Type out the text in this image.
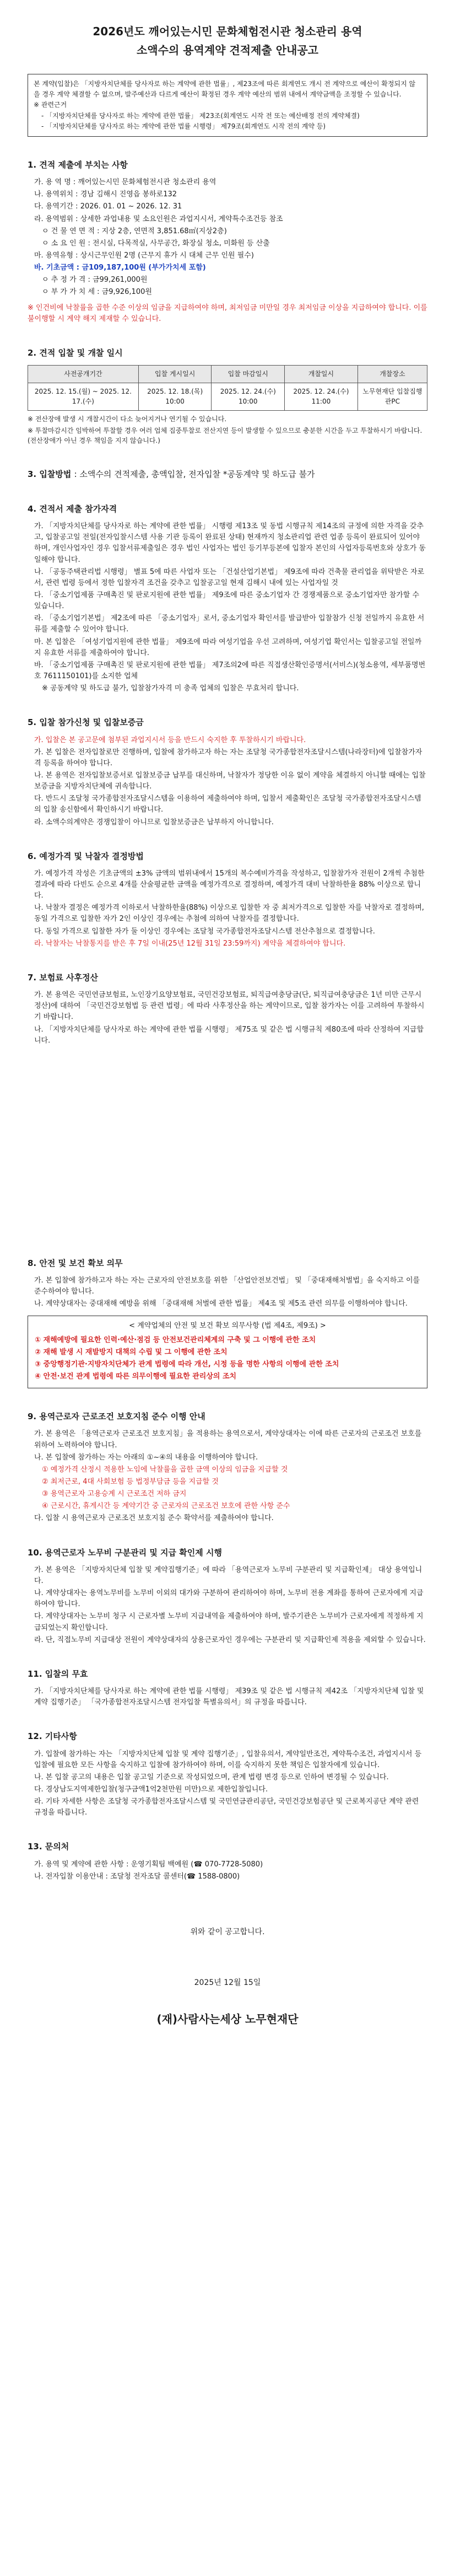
2026년도 깨어있는시민 문화체험전시관 청소관리 용역
소액수의 용역계약 견적제출 안내공고
본 계약(입찰)은 「지방자치단체를 당사자로 하는 계약에 관한 법률」, 제23조에 따른 회계연도 개시 전 계약으로 예산이 확정되지 않을 경우 계약 체결할 수 없으며, 발주예산과 다르게 예산이 확정된 경우 계약 예산의 범위 내에서 계약금액을 조정할 수 있습니다.
※ 관련근거
- 「지방자치단체를 당사자로 하는 계약에 관한 법률」 제23조(회계연도 시작 전 또는 예산배정 전의 계약체결)
- 「지방자치단체를 당사자로 하는 계약에 관한 법률 시행령」 제79조(회계연도 시작 전의 계약 등)
1. 견적 제출에 부치는 사항

가. 용 역 명 : 깨어있는시민 문화체험전시관 청소관리 용역

나. 용역위치 : 경남 김해시 진영읍 봉하로132

다. 용역기간 : 2026. 01. 01 ~ 2026. 12. 31

라. 용역범위 : 상세한 과업내용 및 소요인원은 과업지시서, 계약특수조건등 참조

ㅇ 건 물 연 면 적 : 지상 2층, 연면적 3,851.68㎡(지상2층)

ㅇ 소 요 인 원 : 전시실, 다목적실, 사무공간, 화장실 청소, 미화원 등 산출

마. 용역유형 : 상시근무인원 2명 (근무지 휴가 시 대체 근무 인원 필수)

바. 기초금액 : 금109,187,100원 (부가가치세 포함)

ㅇ 추 정 가 격 : 금99,261,000원

ㅇ 부 가 가 치 세 : 금9,926,100원

※ 인건비에 낙찰률을 곱한 수준 이상의 임금을 지급하여야 하며, 최저임금 미만일 경우 최저임금 이상을 지급하여야 합니다. 이를 불이행할 시 계약 해지 제재할 수 있습니다.

2. 견적 입찰 및 개찰 일시
사전공개기간	입찰 게시일시	입찰 마감일시	개찰일시	개찰장소
2025. 12. 15.(월) ~ 2025. 12. 17.(수)	2025. 12. 18.(목) 10:00	2025. 12. 24.(수) 10:00	2025. 12. 24.(수) 11:00	노무현재단 입찰집행관PC

※ 전산장애 발생 시 개찰시간이 다소 늦어지거나 연기될 수 있습니다.

※ 투찰마감시간 임박하여 투찰할 경우 여러 업체 집중투찰로 전산지연 등이 발생할 수 있으므로 충분한 시간을 두고 투찰하시기 바랍니다. (전산장애가 아닌 경우 책임을 지지 않습니다.)

3. 입찰방법 : 소액수의 견적제출, 총액입찰, 전자입찰 *공동계약 및 하도급 불가
4. 견적서 제출 참가자격

가. 「지방자치단체를 당사자로 하는 계약에 관한 법률」 시행령 제13조 및 동법 시행규칙 제14조의 규정에 의한 자격을 갖추고, 입찰공고일 전일(전자입찰시스템 사용 기관 등록이 완료된 상태) 현재까지 청소관리업 관련 업종 등록이 완료되어 있어야 하며, 개인사업자인 경우 입찰서류제출일은 경우 법인 사업자는 법인 등기부등본에 입찰자 본인의 사업자등록번호와 상호가 동일해야 합니다.

나. 「공동주택관리법 시행령」 별표 5에 따른 사업자 또는 「건설산업기본법」 제9조에 따라 건축물 관리업을 위탁받은 자로서, 관련 법령 등에서 정한 입찰자격 조건을 갖추고 입찰공고일 현재 김해시 내에 있는 사업자일 것

다. 「중소기업제품 구매촉진 및 판로지원에 관한 법률」 제9조에 따른 중소기업자 간 경쟁제품으로 중소기업자만 참가할 수 있습니다.

라. 「중소기업기본법」 제2조에 따른 「중소기업자」로서, 중소기업자 확인서를 발급받아 입찰참가 신청 전일까지 유효한 서류를 제출할 수 있어야 합니다.

마. 본 입찰은 「여성기업지원에 관한 법률」 제9조에 따라 여성기업을 우선 고려하며, 여성기업 확인서는 입찰공고일 전일까지 유효한 서류를 제출하여야 합니다.

바. 「중소기업제품 구매촉진 및 판로지원에 관한 법률」 제7조의2에 따른 직접생산확인증명서(서비스)(청소용역, 세부품명번호 7611150101)를 소지한 업체

※ 공동계약 및 하도급 불가, 입찰참가자격 미 충족 업체의 입찰은 무효처리 합니다.

5. 입찰 참가신청 및 입찰보증금

가. 입찰은 본 공고문에 첨부된 과업지시서 등을 반드시 숙지한 후 투찰하시기 바랍니다.

가. 본 입찰은 전자입찰로만 진행하며, 입찰에 참가하고자 하는 자는 조달청 국가종합전자조달시스템(나라장터)에 입찰참가자격 등록을 하여야 합니다.

나. 본 용역은 전자입찰보증서로 입찰보증금 납부를 대신하며, 낙찰자가 정당한 이유 없이 계약을 체결하지 아니할 때에는 입찰보증금을 지방자치단체에 귀속합니다.

다. 반드시 조달청 국가종합전자조달시스템을 이용하여 제출하여야 하며, 입찰서 제출확인은 조달청 국가종합전자조달시스템의 입찰 송신함에서 확인하시기 바랍니다.

라. 소액수의계약은 경쟁입찰이 아니므로 입찰보증금은 납부하지 아니합니다.

6. 예정가격 및 낙찰자 결정방법

가. 예정가격 작성은 기초금액의 ±3% 금액의 범위내에서 15개의 복수예비가격을 작성하고, 입찰참가자 전원이 2개씩 추첨한 결과에 따라 다빈도 순으로 4개를 산술평균한 금액을 예정가격으로 결정하며, 예정가격 대비 낙찰하한율 88% 이상으로 합니다.

나. 낙찰자 결정은 예정가격 이하로서 낙찰하한율(88%) 이상으로 입찰한 자 중 최저가격으로 입찰한 자를 낙찰자로 결정하며, 동일 가격으로 입찰한 자가 2인 이상인 경우에는 추첨에 의하여 낙찰자를 결정합니다.

다. 동일 가격으로 입찰한 자가 둘 이상인 경우에는 조달청 국가종합전자조달시스템 전산추첨으로 결정합니다.

라. 낙찰자는 낙찰통지를 받은 후 7일 이내(25년 12월 31일 23:59까지) 계약을 체결하여야 합니다.

7. 보험료 사후정산

가. 본 용역은 국민연금보험료, 노인장기요양보험료, 국민건강보험료, 퇴직급여충당금(단, 퇴직급여충당금은 1년 미만 근무시 정산)에 대하여 「국민건강보험법 등 관련 법령」에 따라 사후정산을 하는 계약이므로, 입찰 참가자는 이를 고려하여 투찰하시기 바랍니다.

나. 「지방자치단체를 당사자로 하는 계약에 관한 법률 시행령」 제75조 및 같은 법 시행규칙 제80조에 따라 산정하여 지급합니다.

8. 안전 및 보건 확보 의무

가. 본 입찰에 참가하고자 하는 자는 근로자의 안전보호를 위한 「산업안전보건법」 및 「중대재해처벌법」을 숙지하고 이를 준수하여야 합니다.

나. 계약상대자는 중대재해 예방을 위해 「중대재해 처벌에 관한 법률」 제4조 및 제5조 관련 의무를 이행하여야 합니다.

< 계약업체의 안전 및 보건 확보 의무사항 (법 제4조, 제9조) >

① 재해예방에 필요한 인력·예산·점검 등 안전보건관리체계의 구축 및 그 이행에 관한 조치

② 재해 발생 시 재발방지 대책의 수립 및 그 이행에 관한 조치

③ 중앙행정기관·지방자치단체가 관계 법령에 따라 개선, 시정 등을 명한 사항의 이행에 관한 조치

④ 안전·보건 관계 법령에 따른 의무이행에 필요한 관리상의 조치

9. 용역근로자 근로조건 보호지침 준수 이행 안내

가. 본 용역은 「용역근로자 근로조건 보호지침」을 적용하는 용역으로서, 계약상대자는 이에 따른 근로자의 근로조건 보호를 위하여 노력하여야 합니다.

나. 본 입찰에 참가하는 자는 아래의 ①~④의 내용을 이행하여야 합니다.

① 예정가격 산정시 적용한 노임에 낙찰률을 곱한 금액 이상의 임금을 지급할 것

② 최저근로, 4대 사회보험 등 법정부담금 등을 지급할 것

③ 용역근로자 고용승계 시 근로조건 저하 금지

④ 근로시간, 휴게시간 등 계약기간 중 근로자의 근로조건 보호에 관한 사항 준수

다. 입찰 시 용역근로자 근로조건 보호지침 준수 확약서를 제출하여야 합니다.

10. 용역근로자 노무비 구분관리 및 지급 확인제 시행

가. 본 용역은 「지방자치단체 입찰 및 계약집행기준」에 따라 「용역근로자 노무비 구분관리 및 지급확인제」 대상 용역입니다.

나. 계약상대자는 용역노무비를 노무비 이외의 대가와 구분하여 관리하여야 하며, 노무비 전용 계좌를 통하여 근로자에게 지급하여야 합니다.

다. 계약상대자는 노무비 청구 시 근로자별 노무비 지급내역을 제출하여야 하며, 발주기관은 노무비가 근로자에게 적정하게 지급되었는지 확인합니다.

라. 단, 직접노무비 지급대상 전원이 계약상대자의 상용근로자인 경우에는 구분관리 및 지급확인제 적용을 제외할 수 있습니다.

11. 입찰의 무효

가. 「지방자치단체를 당사자로 하는 계약에 관한 법률 시행령」 제39조 및 같은 법 시행규칙 제42조 「지방자치단체 입찰 및 계약 집행기준」 「국가종합전자조달시스템 전자입찰 특별유의서」의 규정을 따릅니다.

12. 기타사항

가. 입찰에 참가하는 자는 「지방자치단체 입찰 및 계약 집행기준」, 입찰유의서, 계약일반조건, 계약특수조건, 과업지시서 등 입찰에 필요한 모든 사항을 숙지하고 입찰에 참가하여야 하며, 이를 숙지하지 못한 책임은 입찰자에게 있습니다.

나. 본 입찰 공고의 내용은 입찰 공고일 기준으로 작성되었으며, 관계 법령 변경 등으로 인하여 변경될 수 있습니다.

다. 경상남도지역제한입찰(청구금액1억2천만원 미만)으로 제한입찰입니다.

라. 기타 자세한 사항은 조달청 국가종합전자조달시스템 및 국민연금관리공단, 국민건강보험공단 및 근로복지공단 계약 관련 규정을 따릅니다.

13. 문의처

가. 용역 및 계약에 관한 사항 : 운영기획팀 백예원 (☎ 070-7728-5080)

나. 전자입찰 이용안내 : 조달청 전자조달 콜센터(☎ 1588-0800)

위와 같이 공고합니다.
2025년 12월 15일
(재)사람사는세상 노무현재단
